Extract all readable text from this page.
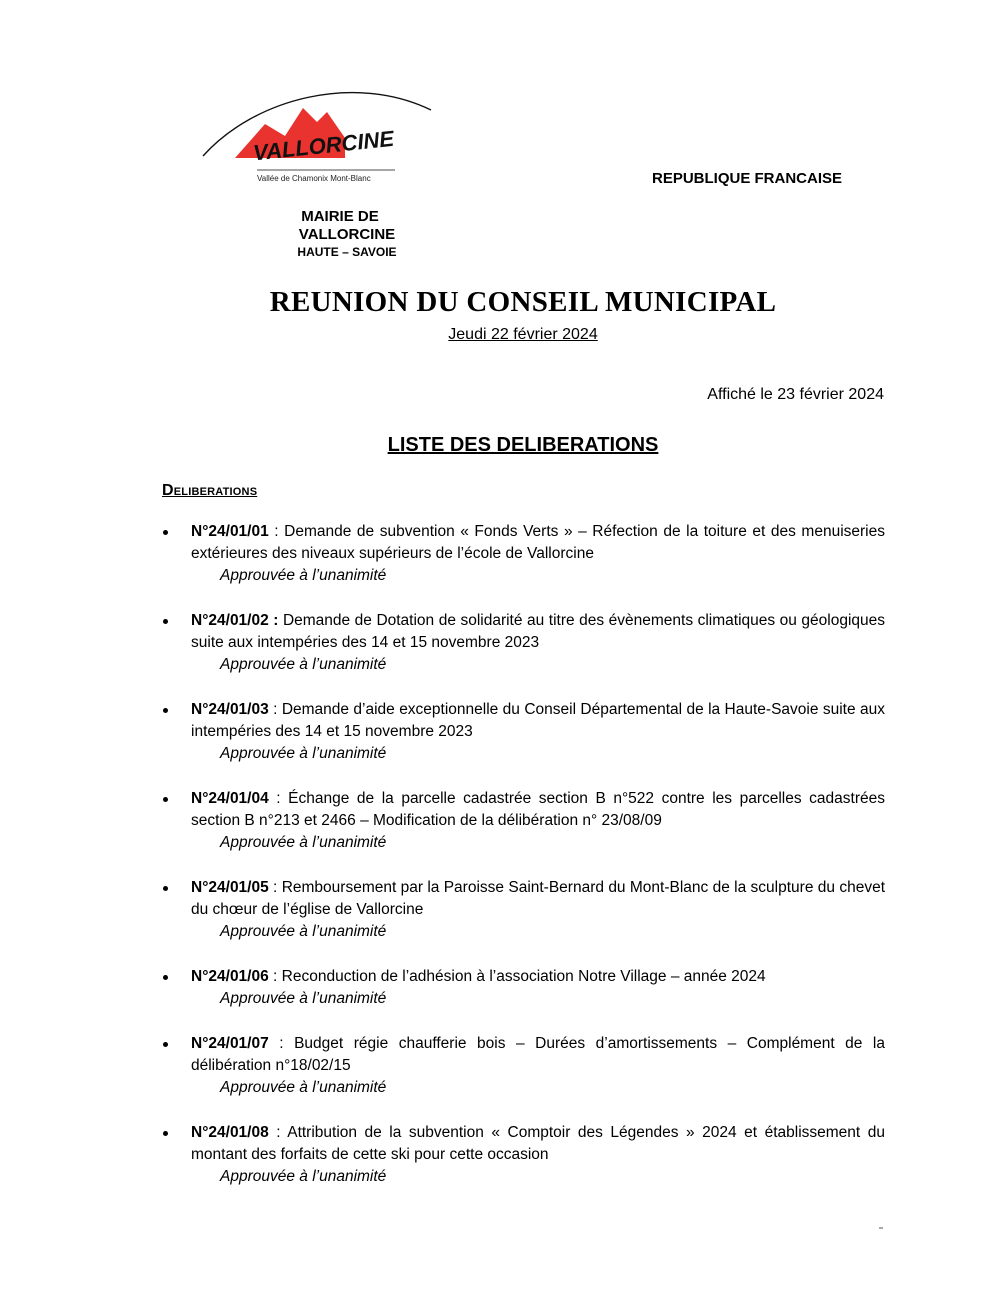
VALLORCINE
Vallée de Chamonix Mont-Blanc	REPUBLIQUE FRANCAISE
MAIRIE DE
VALLORCINE
HAUTE – SAVOIE
REUNION DU CONSEIL MUNICIPAL
Jeudi 22 février 2024
Affiché le 23 février 2024
LISTE DES DELIBERATIONS
Deliberations
N°24/01/01 : Demande de subvention « Fonds Verts » – Réfection de la toiture et des menuiseries extérieures des niveaux supérieurs de l’école de Vallorcine
Approuvée à l’unanimité
N°24/01/02 : Demande de Dotation de solidarité au titre des évènements climatiques ou géologiques suite aux intempéries des 14 et 15 novembre 2023
Approuvée à l’unanimité
N°24/01/03 : Demande d’aide exceptionnelle du Conseil Départemental de la Haute-Savoie suite aux intempéries des 14 et 15 novembre 2023
Approuvée à l’unanimité
N°24/01/04 : Échange de la parcelle cadastrée section B n°522 contre les parcelles cadastrées section B n°213 et 2466 – Modification de la délibération n° 23/08/09
Approuvée à l’unanimité
N°24/01/05 : Remboursement par la Paroisse Saint-Bernard du Mont-Blanc de la sculpture du chevet du chœur de l’église de Vallorcine
Approuvée à l’unanimité
N°24/01/06 : Reconduction de l’adhésion à l’association Notre Village – année 2024
Approuvée à l’unanimité
N°24/01/07 : Budget régie chaufferie bois – Durées d’amortissements – Complément de la délibération n°18/02/15
Approuvée à l’unanimité
N°24/01/08 : Attribution de la subvention « Comptoir des Légendes » 2024 et établissement du montant des forfaits de cette ski pour cette occasion
Approuvée à l’unanimité
